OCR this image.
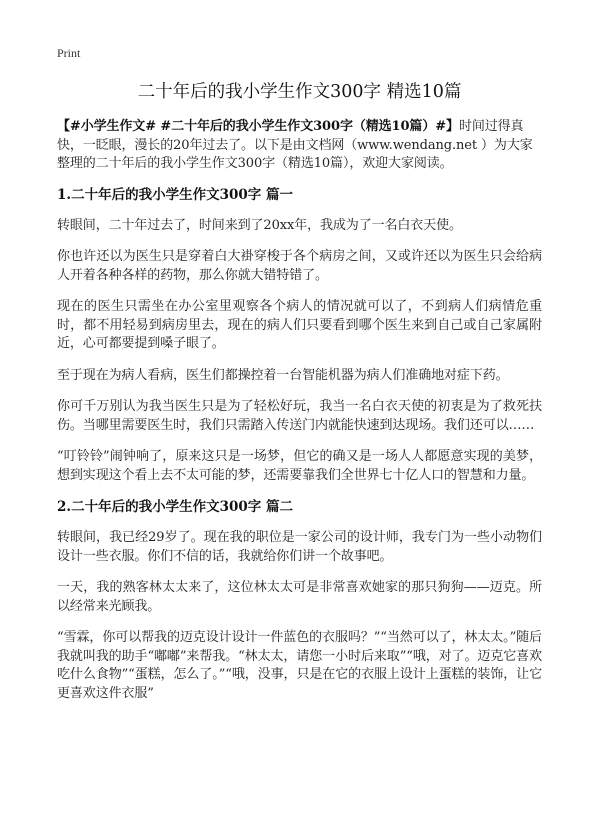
Print
二十年后的我小学生作文300字 精选10篇

【#小学生作文# #二十年后的我小学生作文300字（精选10篇）#】时间过得真快，一眨眼，漫长的20年过去了。以下是由文档网（www.wendang.net ）为大家整理的二十年后的我小学生作文300字（精选10篇），欢迎大家阅读。

1.二十年后的我小学生作文300字 篇一

转眼间，二十年过去了，时间来到了20xx年，我成为了一名白衣天使。

你也许还以为医生只是穿着白大褂穿梭于各个病房之间，又或许还以为医生只会给病人开着各种各样的药物，那么你就大错特错了。

现在的医生只需坐在办公室里观察各个病人的情况就可以了，不到病人们病情危重时，都不用轻易到病房里去，现在的病人们只要看到哪个医生来到自己或自己家属附近，心可都要提到嗓子眼了。

至于现在为病人看病，医生们都操控着一台智能机器为病人们准确地对症下药。

你可千万别认为我当医生只是为了轻松好玩，我当一名白衣天使的初衷是为了救死扶伤。当哪里需要医生时，我们只需踏入传送门内就能快速到达现场。我们还可以……

“叮铃铃”闹钟响了，原来这只是一场梦，但它的确又是一场人人都愿意实现的美梦，想到实现这个看上去不太可能的梦，还需要靠我们全世界七十亿人口的智慧和力量。

2.二十年后的我小学生作文300字 篇二

转眼间，我已经29岁了。现在我的职位是一家公司的设计师，我专门为一些小动物们设计一些衣服。你们不信的话，我就给你们讲一个故事吧。

一天，我的熟客林太太来了，这位林太太可是非常喜欢她家的那只狗狗——迈克。所以经常来光顾我。

“雪霖，你可以帮我的迈克设计设计一件蓝色的衣服吗？”“当然可以了，林太太。”随后我就叫我的助手“嘟嘟”来帮我。“林太太，请您一小时后来取”“哦，对了。迈克它喜欢吃什么食物”“蛋糕，怎么了。”“哦，没事，只是在它的衣服上设计上蛋糕的装饰，让它更喜欢这件衣服”
